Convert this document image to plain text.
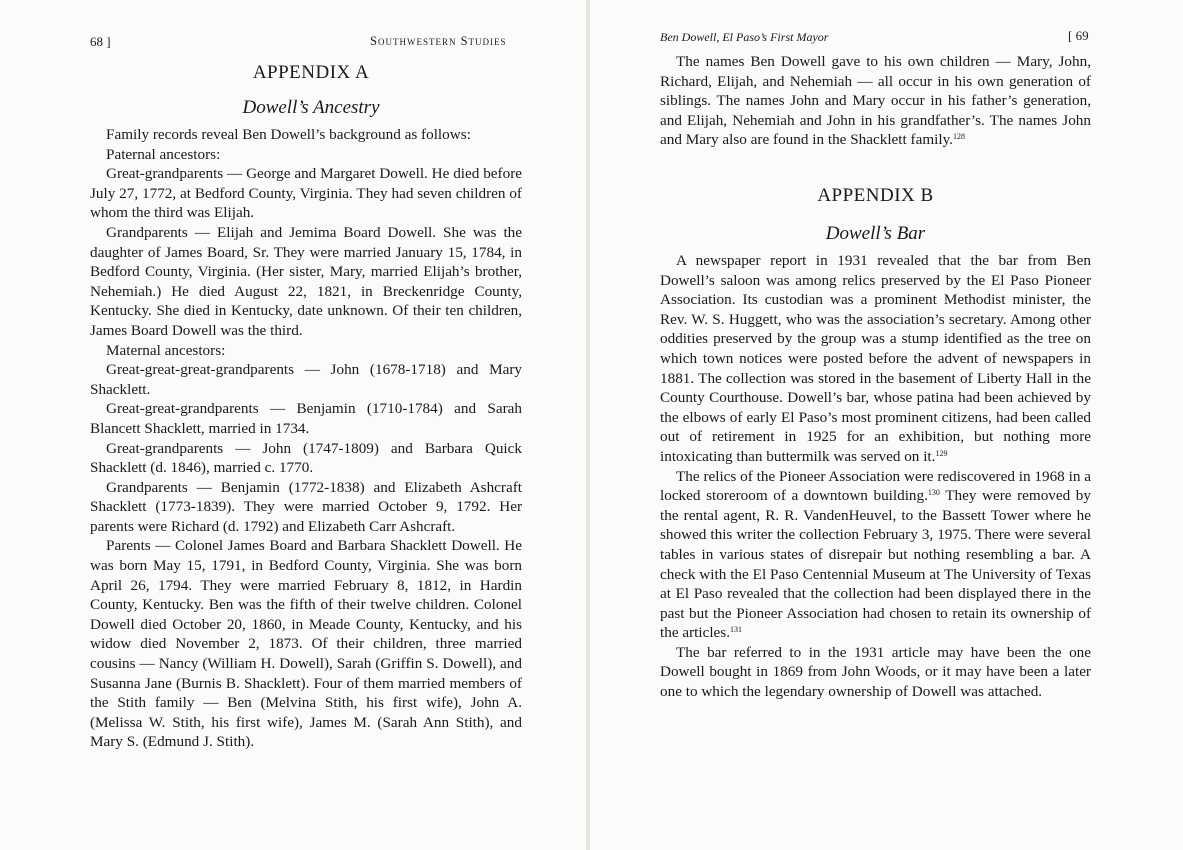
68 ]	Southwestern Studies
APPENDIX A
Dowell’s Ancestry

Family records reveal Ben Dowell’s background as follows:

Paternal ancestors:

Great-grandparents — George and Margaret Dowell. He died before July 27, 1772, at Bedford County, Virginia. They had seven children of whom the third was Elijah.

Grandparents — Elijah and Jemima Board Dowell. She was the daughter of James Board, Sr. They were married January 15, 1784, in Bedford County, Virginia. (Her sister, Mary, married Elijah’s brother, Nehemiah.) He died August 22, 1821, in Breckenridge County, Kentucky. She died in Kentucky, date unknown. Of their ten children, James Board Dowell was the third.

Maternal ancestors:

Great-great-great-grandparents — John (1678-1718) and Mary Shacklett.

Great-great-grandparents — Benjamin (1710-1784) and Sarah Blancett Shacklett, married in 1734.

Great-grandparents — John (1747-1809) and Barbara Quick Shacklett (d. 1846), married c. 1770.

Grandparents — Benjamin (1772-1838) and Elizabeth Ashcraft Shacklett (1773-1839). They were married October 9, 1792. Her parents were Richard (d. 1792) and Elizabeth Carr Ashcraft.

Parents — Colonel James Board and Barbara Shacklett Dowell. He was born May 15, 1791, in Bedford County, Virginia. She was born April 26, 1794. They were married February 8, 1812, in Hardin County, Kentucky. Ben was the fifth of their twelve children. Colonel Dowell died October 20, 1860, in Meade County, Kentucky, and his widow died November 2, 1873. Of their children, three married cousins — Nancy (William H. Dowell), Sarah (Griffin S. Dowell), and Susanna Jane (Burnis B. Shacklett). Four of them married members of the Stith family — Ben (Melvina Stith, his first wife), John A. (Melissa W. Stith, his first wife), James M. (Sarah Ann Stith), and Mary S. (Edmund J. Stith).

Ben Dowell, El Paso’s First Mayor	[ 69

The names Ben Dowell gave to his own children — Mary, John, Richard, Elijah, and Nehemiah — all occur in his own generation of siblings. The names John and Mary occur in his father’s generation, and Elijah, Nehemiah and John in his grandfather’s. The names John and Mary also are found in the Shacklett family.$^{128}$

APPENDIX B
Dowell’s Bar

A newspaper report in 1931 revealed that the bar from Ben Dowell’s saloon was among relics preserved by the El Paso Pioneer Association. Its custodian was a prominent Methodist minister, the Rev. W. S. Huggett, who was the association’s secretary. Among other oddities preserved by the group was a stump identified as the tree on which town notices were posted before the advent of newspapers in 1881. The collection was stored in the basement of Liberty Hall in the County Courthouse. Dowell’s bar, whose patina had been achieved by the elbows of early El Paso’s most prominent citizens, had been called out of retirement in 1925 for an exhibition, but nothing more intoxicating than buttermilk was served on it.$^{129}$

The relics of the Pioneer Association were rediscovered in 1968 in a locked storeroom of a downtown building.$^{130}$ They were removed by the rental agent, R. R. VandenHeuvel, to the Bassett Tower where he showed this writer the collection February 3, 1975. There were several tables in various states of disrepair but nothing resembling a bar. A check with the El Paso Centennial Museum at The University of Texas at El Paso revealed that the collection had been displayed there in the past but the Pioneer Association had chosen to retain its ownership of the articles.$^{131}$

The bar referred to in the 1931 article may have been the one Dowell bought in 1869 from John Woods, or it may have been a later one to which the legendary ownership of Dowell was attached.
